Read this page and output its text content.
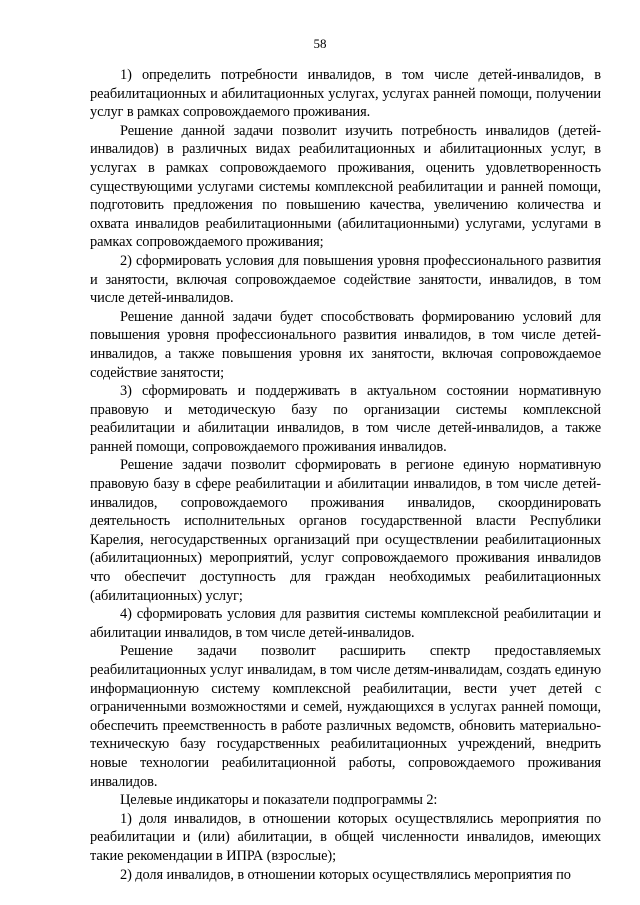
58

1) определить потребности инвалидов, в том числе детей-инвалидов, в реабилитационных и абилитационных услугах, услугах ранней помощи, получении услуг в рамках сопровождаемого проживания.

Решение данной задачи позволит изучить потребность инвалидов (детей-инвалидов) в различных видах реабилитационных и абилитационных услуг, в услугах в рамках сопровождаемого проживания, оценить удовлетворенность существующими услугами системы комплексной реабилитации и ранней помощи, подготовить предложения по повышению качества, увеличению количества и охвата инвалидов реабилитационными (абилитационными) услугами, услугами в рамках сопровождаемого проживания;

2) сформировать условия для повышения уровня профессионального развития и занятости, включая сопровождаемое содействие занятости, инвалидов, в том числе детей-инвалидов.

Решение данной задачи будет способствовать формированию условий для повышения уровня профессионального развития инвалидов, в том числе детей-инвалидов, а также повышения уровня их занятости, включая сопровождаемое содействие занятости;

3) сформировать и поддерживать в актуальном состоянии нормативную правовую и методическую базу по организации системы комплексной реабилитации и абилитации инвалидов, в том числе детей-инвалидов, а также ранней помощи, сопровождаемого проживания инвалидов.

Решение задачи позволит сформировать в регионе единую нормативную правовую базу в сфере реабилитации и абилитации инвалидов, в том числе детей-инвалидов, сопровождаемого проживания инвалидов, скоординировать деятельность исполнительных органов государственной власти Республики Карелия, негосударственных организаций при осуществлении реабилитационных (абилитационных) мероприятий, услуг сопровождаемого проживания инвалидов что обеспечит доступность для граждан необходимых реабилитационных (абилитационных) услуг;

4) сформировать условия для развития системы комплексной реабилитации и абилитации инвалидов, в том числе детей-инвалидов.

Решение задачи позволит расширить спектр предоставляемых реабилитационных услуг инвалидам, в том числе детям-инвалидам, создать единую информационную систему комплексной реабилитации, вести учет детей с ограниченными возможностями и семей, нуждающихся в услугах ранней помощи, обеспечить преемственность в работе различных ведомств, обновить материально-техническую базу государственных реабилитационных учреждений, внедрить новые технологии реабилитационной работы, сопровождаемого проживания инвалидов.

Целевые индикаторы и показатели подпрограммы 2:

1) доля инвалидов, в отношении которых осуществлялись мероприятия по реабилитации и (или) абилитации, в общей численности инвалидов, имеющих такие рекомендации в ИПРА (взрослые);

2) доля инвалидов, в отношении которых осуществлялись мероприятия по
